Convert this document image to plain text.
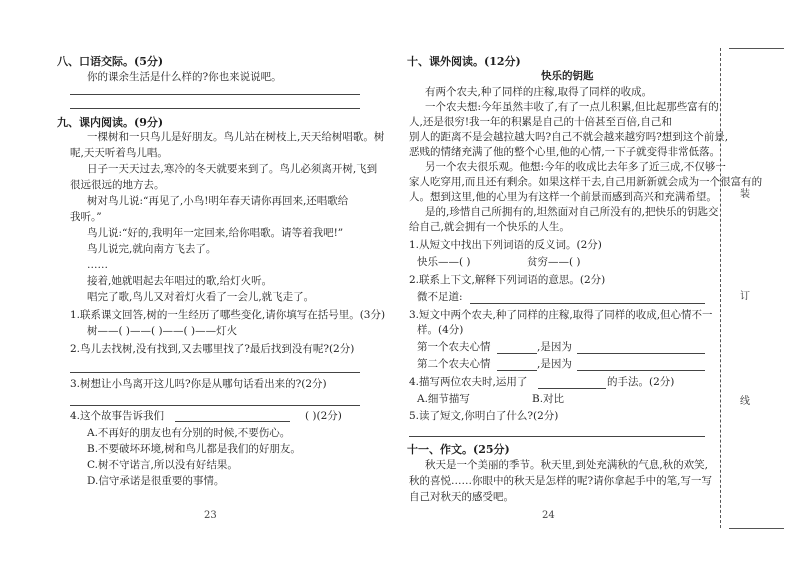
八、口语交际。(5分)
你的课余生活是什么样的?你也来说说吧。
九、课内阅读。(9分)
一棵树和一只鸟儿是好朋友。鸟儿站在树枝上,天天给树唱歌。树
呢,天天听着鸟儿唱。
日子一天天过去,寒冷的冬天就要来到了。鸟儿必须离开树,飞到
很远很远的地方去。
树对鸟儿说:“再见了,小鸟!明年春天请你再回来,还唱歌给
我听。”
鸟儿说:“好的,我明年一定回来,给你唱歌。请等着我吧!”
鸟儿说完,就向南方飞去了。
……
接着,她就唱起去年唱过的歌,给灯火听。
唱完了歌,鸟儿又对着灯火看了一会儿,就飞走了。
1.联系课文回答,树的一生经历了哪些变化,请你填写在括号里。(3分)
树——( )——( )——( )——灯火
2.鸟儿去找树,没有找到,又去哪里找了?最后找到没有呢?(2分)
3.树想让小鸟离开这儿吗?你是从哪句话看出来的?(2分)
4.这个故事告诉我们	( )(2分)
A.不再好的朋友也有分别的时候,不要伤心。
B.不要破坏环境,树和鸟儿都是我们的好朋友。
C.树不守诺言,所以没有好结果。
D.信守承诺是很重要的事情。
23
十、课外阅读。(12分)
快乐的钥匙
有两个农夫,种了同样的庄稼,取得了同样的收成。
一个农夫想:今年虽然丰收了,有了一点儿积累,但比起那些富有的
人,还是很穷!我一年的积累是自己的十倍甚至百倍,自己和
别人的距离不是会越拉越大吗?自己不就会越来越穷吗?想到这个前景,
恶贱的情绪充满了他的整个心里,他的心情,一下子就变得非常低落。
另一个农夫很乐观。他想:今年的收成比去年多了近三成,不仅够一
家人吃穿用,而且还有剩余。如果这样干去,自己用新新就会成为一个很富有的
人。想到这里,他的心里为有这样一个前景而感到高兴和充满希望。
是的,珍惜自己所拥有的,坦然面对自己所没有的,把快乐的钥匙交
给自己,就会拥有一个快乐的人生。
1.从短文中找出下列词语的反义词。(2分)
快乐——( )	贫穷——( )
2.联系上下文,解释下列词语的意思。(2分)
微不足道:
3.短文中两个农夫,种了同样的庄稼,取得了同样的收成,但心情不一
样。(4分)
第一个农夫心情	,是因为
第二个农夫心情	,是因为
4.描写两位农夫时,运用了	的手法。(2分)
A.细节描写	B.对比
5.读了短文,你明白了什么?(2分)
十一、作文。(25分)
秋天是一个美丽的季节。秋天里,到处充满秋的气息,秋的欢笑,
秋的喜悦……你眼中的秋天是怎样的呢?请你拿起手中的笔,写一写
自己对秋天的感受吧。
24
装
订
线
